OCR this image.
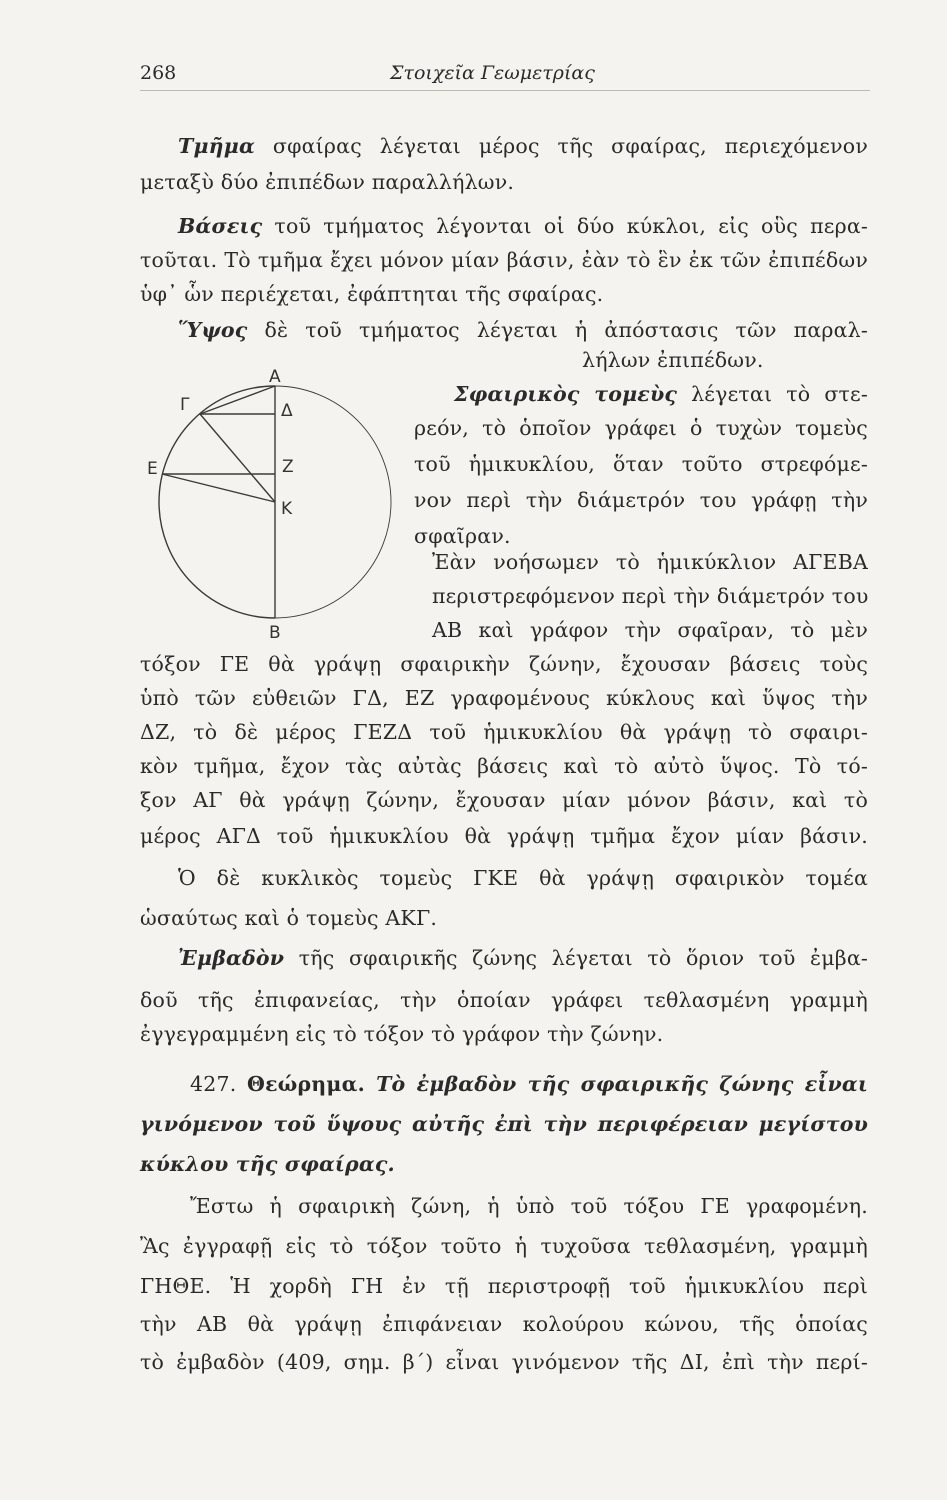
268	Στοιχεῖα Γεωμετρίας
Τμῆμα σφαίρας λέγεται μέρος τῆς σφαίρας, περιεχόμενον
μεταξὺ δύο ἐπιπέδων παραλλήλων.
Βάσεις τοῦ τμήματος λέγονται οἱ δύο κύκλοι, εἰς οὓς περα-
τοῦται. Τὸ τμῆμα ἔχει μόνον μίαν βάσιν, ἐὰν τὸ ἓν ἐκ τῶν ἐπιπέδων
ὑφ᾽ ὧν περιέχεται, ἐφάπτηται τῆς σφαίρας.
Ὕψος δὲ τοῦ τμήματος λέγεται ἡ ἀπόστασις τῶν παραλ-
λήλων ἐπιπέδων.
Α
Β
Γ	Δ
Ε	Ζ
Κ
Σφαιρικὸς τομεὺς λέγεται τὸ στε-
ρεόν, τὸ ὁποῖον γράφει ὁ τυχὼν τομεὺς
τοῦ ἡμικυκλίου, ὅταν τοῦτο στρεφόμε-
νον περὶ τὴν διάμετρόν του γράφῃ τὴν
σφαῖραν.
Ἐὰν νοήσωμεν τὸ ἡμικύκλιον ΑΓΕΒΑ
περιστρεφόμενον περὶ τὴν διάμετρόν του
ΑΒ καὶ γράφον τὴν σφαῖραν, τὸ μὲν
τόξον ΓΕ θὰ γράψῃ σφαιρικὴν ζώνην, ἔχουσαν βάσεις τοὺς
ὑπὸ τῶν εὐθειῶν ΓΔ, ΕΖ γραφομένους κύκλους καὶ ὕψος τὴν
ΔΖ, τὸ δὲ μέρος ΓΕΖΔ τοῦ ἡμικυκλίου θὰ γράψῃ τὸ σφαιρι-
κὸν τμῆμα, ἔχον τὰς αὐτὰς βάσεις καὶ τὸ αὐτὸ ὕψος. Τὸ τό-
ξον ΑΓ θὰ γράψῃ ζώνην, ἔχουσαν μίαν μόνον βάσιν, καὶ τὸ
μέρος ΑΓΔ τοῦ ἡμικυκλίου θὰ γράψῃ τμῆμα ἔχον μίαν βάσιν.
Ὁ δὲ κυκλικὸς τομεὺς ΓΚΕ θὰ γράψῃ σφαιρικὸν τομέα
ὡσαύτως καὶ ὁ τομεὺς ΑΚΓ.
Ἐμβαδὸν τῆς σφαιρικῆς ζώνης λέγεται τὸ ὅριον τοῦ ἐμβα-
δοῦ τῆς ἐπιφανείας, τὴν ὁποίαν γράφει τεθλασμένη γραμμὴ
ἐγγεγραμμένη εἰς τὸ τόξον τὸ γράφον τὴν ζώνην.
427. Θεώρημα. Τὸ ἐμβαδὸν τῆς σφαιρικῆς ζώνης εἶναι
γινόμενον τοῦ ὕψους αὐτῆς ἐπὶ τὴν περιφέρειαν μεγίστου
κύκλου τῆς σφαίρας.
Ἔστω ἡ σφαιρικὴ ζώνη, ἡ ὑπὸ τοῦ τόξου ΓΕ γραφομένη.
Ἂς ἐγγραφῇ εἰς τὸ τόξον τοῦτο ἡ τυχοῦσα τεθλασμένη, γραμμὴ
ΓΗΘΕ. Ἡ χορδὴ ΓΗ ἐν τῇ περιστροφῇ τοῦ ἡμικυκλίου περὶ
τὴν ΑΒ θὰ γράψῃ ἐπιφάνειαν κολούρου κώνου, τῆς ὁποίας
τὸ ἐμβαδὸν (409, σημ. β΄) εἶναι γινόμενον τῆς ΔΙ, ἐπὶ τὴν περί-
